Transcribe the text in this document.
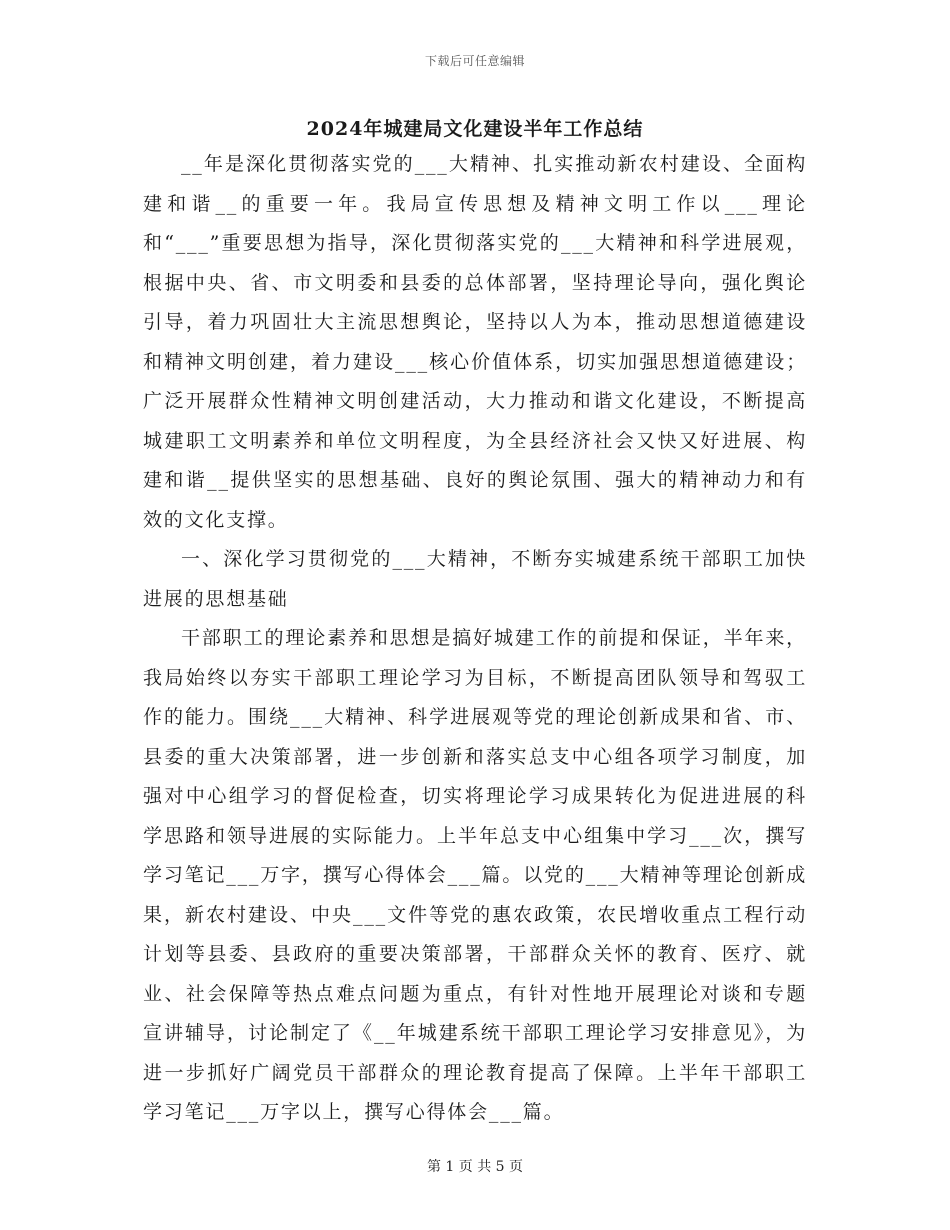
下载后可任意编辑
2024年城建局文化建设半年工作总结

__年是深化贯彻落实党的___大精神、扎实推动新农村建设、全面构建和谐__的重要一年。我局宣传思想及精神文明工作以___理论和“___”重要思想为指导，深化贯彻落实党的___大精神和科学进展观，根据中央、省、市文明委和县委的总体部署，坚持理论导向，强化舆论引导，着力巩固壮大主流思想舆论，坚持以人为本，推动思想道德建设和精神文明创建，着力建设___核心价值体系，切实加强思想道德建设；广泛开展群众性精神文明创建活动，大力推动和谐文化建设，不断提高城建职工文明素养和单位文明程度，为全县经济社会又快又好进展、构建和谐__提供坚实的思想基础、良好的舆论氛围、强大的精神动力和有效的文化支撑。

一、深化学习贯彻党的___大精神，不断夯实城建系统干部职工加快进展的思想基础

干部职工的理论素养和思想是搞好城建工作的前提和保证，半年来，我局始终以夯实干部职工理论学习为目标，不断提高团队领导和驾驭工作的能力。围绕___大精神、科学进展观等党的理论创新成果和省、市、县委的重大决策部署，进一步创新和落实总支中心组各项学习制度，加强对中心组学习的督促检查，切实将理论学习成果转化为促进进展的科学思路和领导进展的实际能力。上半年总支中心组集中学习___次，撰写学习笔记___万字，撰写心得体会___篇。以党的___大精神等理论创新成果，新农村建设、中央___文件等党的惠农政策，农民增收重点工程行动计划等县委、县政府的重要决策部署，干部群众关怀的教育、医疗、就业、社会保障等热点难点问题为重点，有针对性地开展理论对谈和专题宣讲辅导，讨论制定了《__年城建系统干部职工理论学习安排意见》，为进一步抓好广阔党员干部群众的理论教育提高了保障。上半年干部职工学习笔记___万字以上，撰写心得体会___篇。

第 1 页 共 5 页
